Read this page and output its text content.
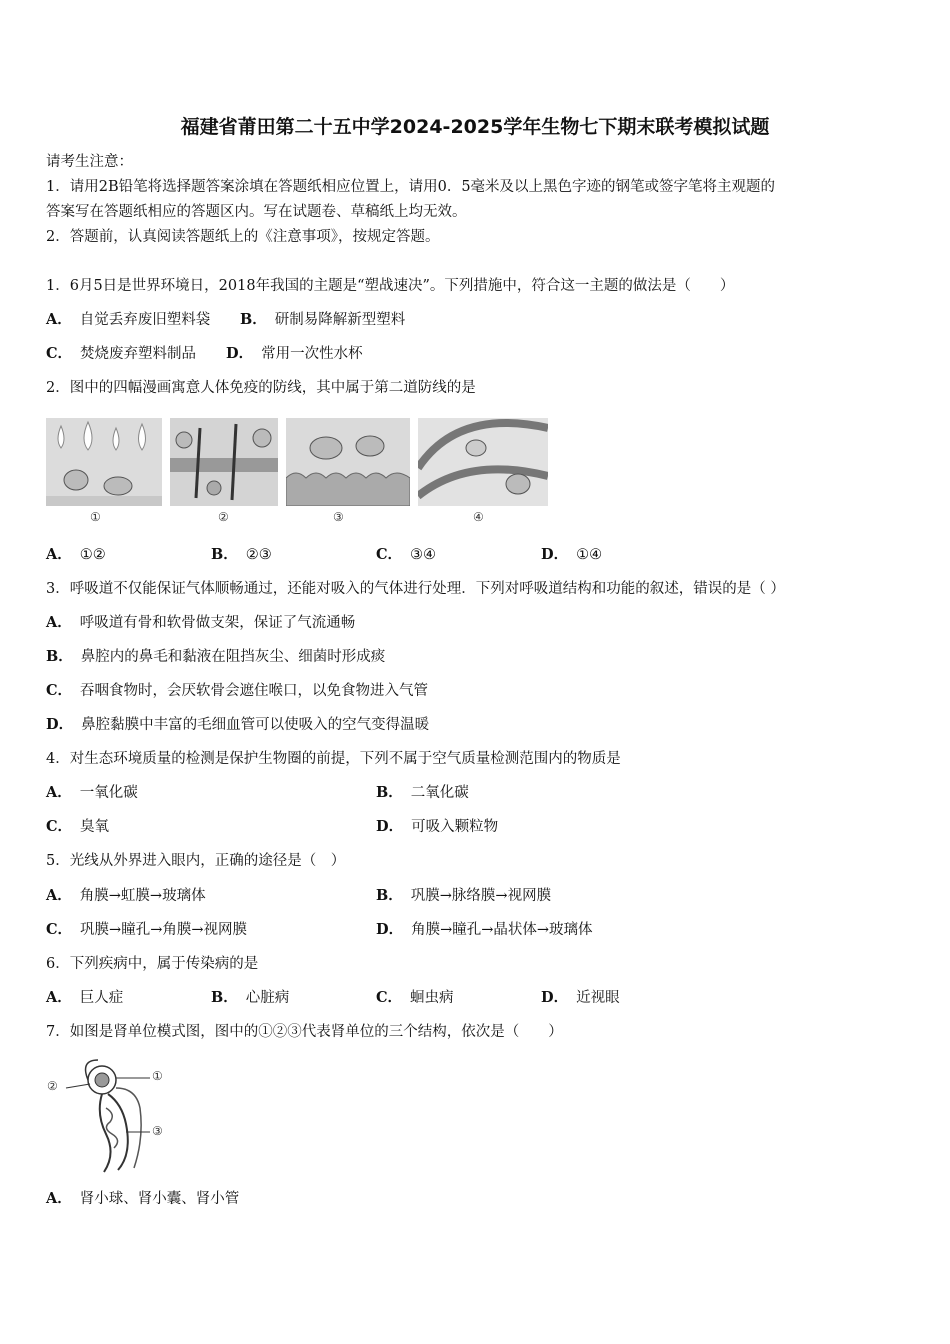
福建省莆田第二十五中学2024-2025学年生物七下期末联考模拟试题
请考生注意：
1．请用2B铅笔将选择题答案涂填在答题纸相应位置上，请用0．5毫米及以上黑色字迹的钢笔或签字笔将主观题的
答案写在答题纸相应的答题区内。写在试题卷、草稿纸上均无效。
2．答题前，认真阅读答题纸上的《注意事项》，按规定答题。
1．6月5日是世界环境日，2018年我国的主题是“塑战速决”。下列措施中，符合这一主题的做法是（　　）
A． 自觉丢弃废旧塑料袋 B． 研制易降解新型塑料
C． 焚烧废弃塑料制品 D． 常用一次性水杯
2．图中的四幅漫画寓意人体免疫的防线，其中属于第二道防线的是
①	②	③	④
A． ①②	B． ②③	C． ③④	D． ①④
3．呼吸道不仅能保证气体顺畅通过，还能对吸入的气体进行处理．下列对呼吸道结构和功能的叙述，错误的是（ ）
A． 呼吸道有骨和软骨做支架，保证了气流通畅
B． 鼻腔内的鼻毛和黏液在阻挡灰尘、细菌时形成痰
C． 吞咽食物时，会厌软骨会遮住喉口，以免食物进入气管
D． 鼻腔黏膜中丰富的毛细血管可以使吸入的空气变得温暖
4．对生态环境质量的检测是保护生物圈的前提，下列不属于空气质量检测范围内的物质是
A． 一氧化碳	B． 二氧化碳
C． 臭氧	D． 可吸入颗粒物
5．光线从外界进入眼内，正确的途径是（　）
A． 角膜→虹膜→玻璃体	B． 巩膜→脉络膜→视网膜
C． 巩膜→瞳孔→角膜→视网膜	D． 角膜→瞳孔→晶状体→玻璃体
6．下列疾病中，属于传染病的是
A． 巨人症	B． 心脏病	C． 蛔虫病	D． 近视眼
7．如图是肾单位模式图，图中的①②③代表肾单位的三个结构，依次是（　　）
②
①
③
A． 肾小球、肾小囊、肾小管
